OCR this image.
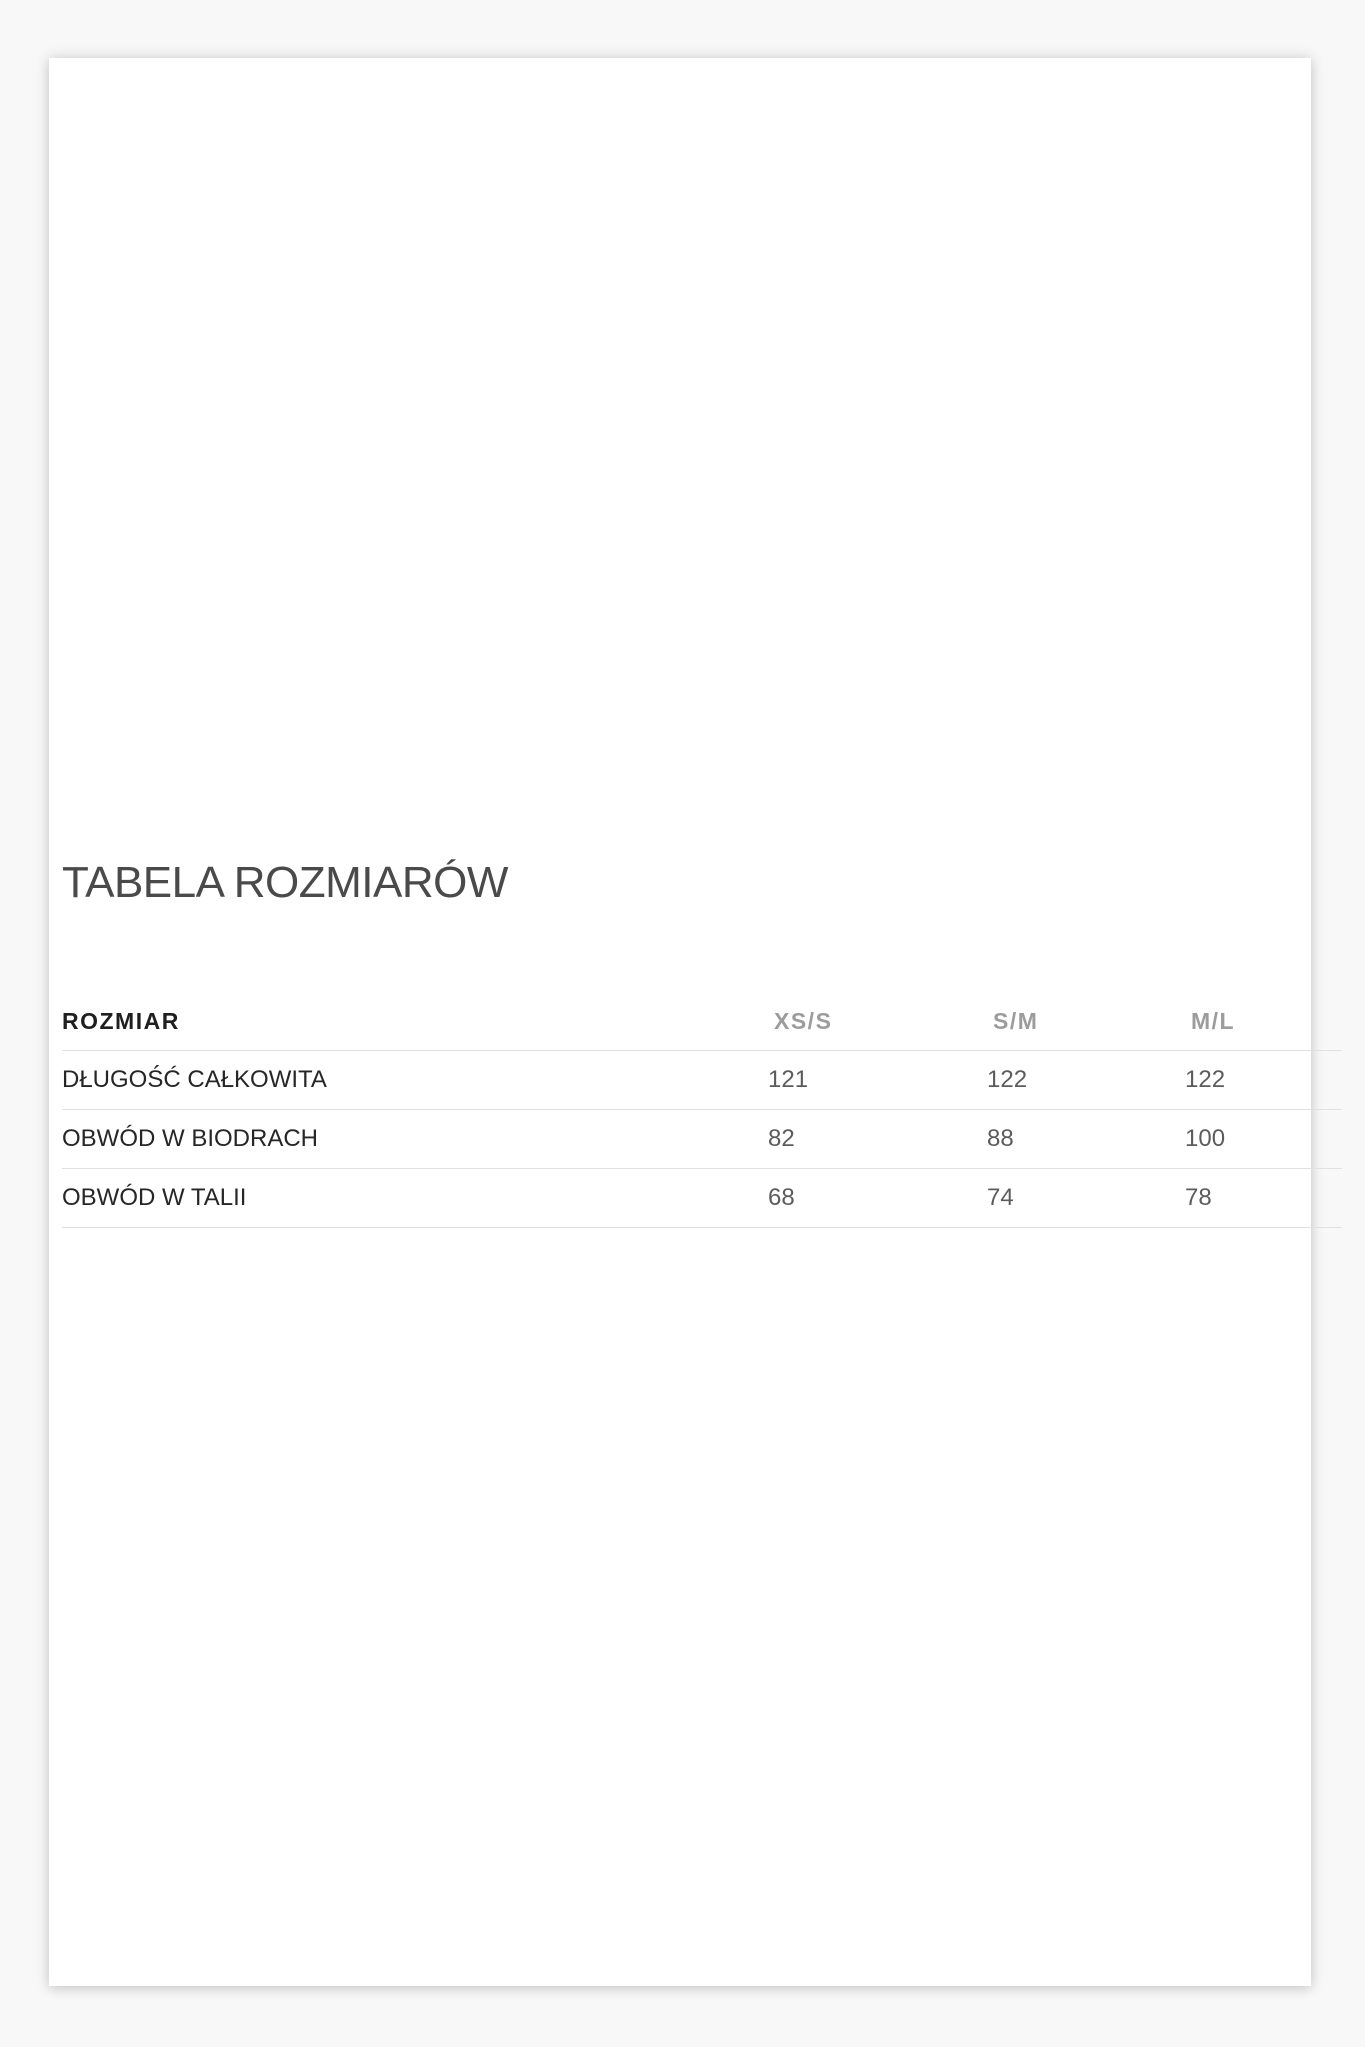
TABELA ROZMIARÓW
ROZMIAR	XS/S	S/M	M/L
DŁUGOŚĆ CAŁKOWITA	121	122	122
OBWÓD W BIODRACH	82	88	100
OBWÓD W TALII	68	74	78
